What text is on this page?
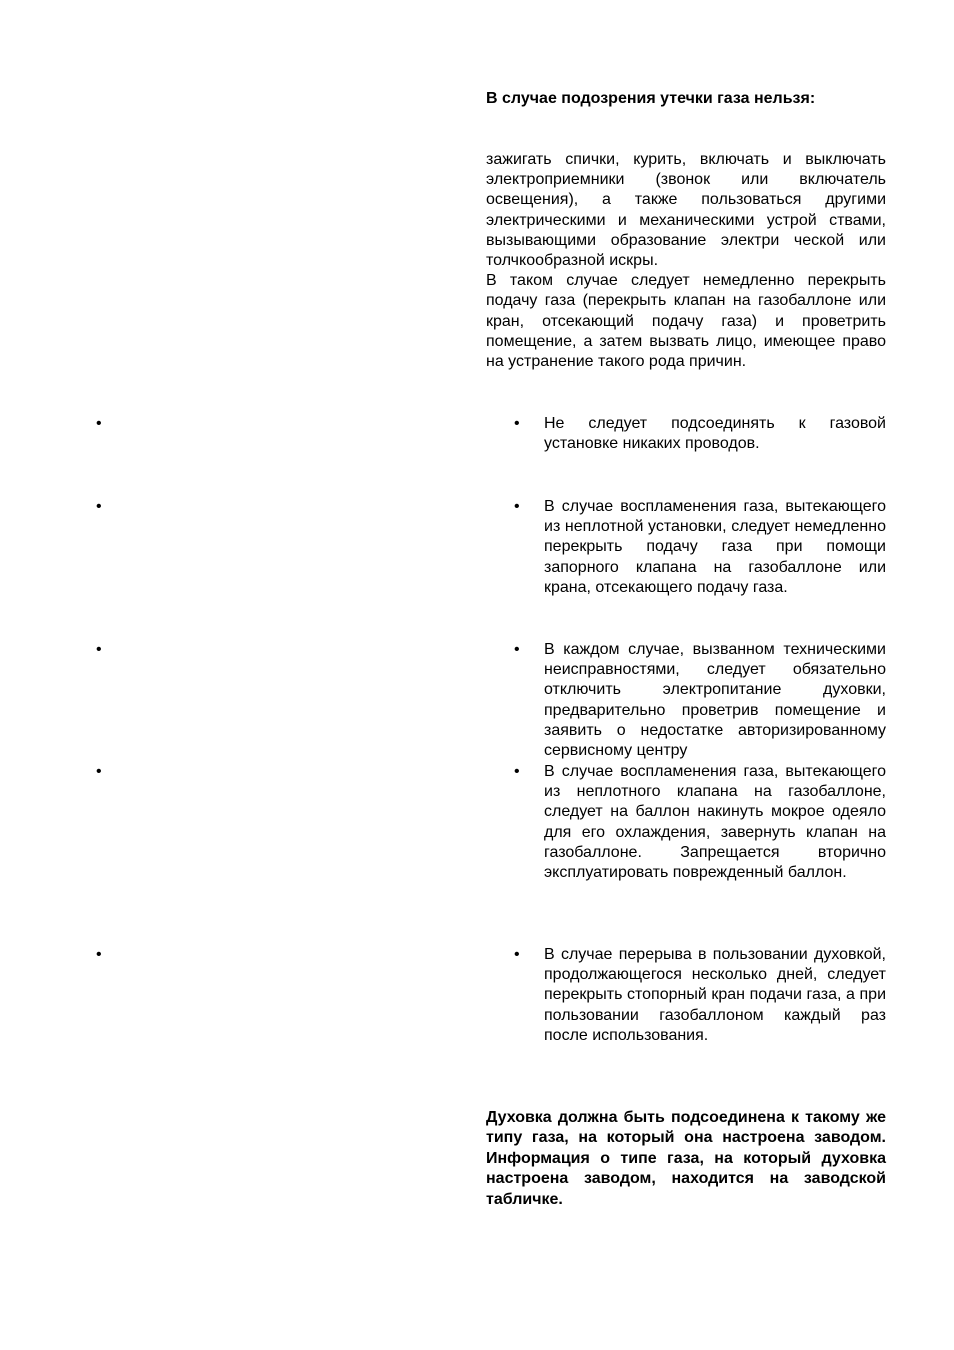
В случае подозрения утечки газа нельзя:

зажигать спички, курить, включать и выключать электроприемники (звонок или включатель освещения), а также пользоваться другими электрическими и механическими устрой ствами, вызывающими образование электри ческой или толчкообразной искры.

В таком случае следует немедленно перекрыть подачу газа (перекрыть клапан на газобаллоне или кран, отсекающий подачу газа) и проветрить помещение, а затем вызвать лицо, имеющее право на устранение такого рода причин.

•
•
•
•
•
• Не следует подсоединять к газовой установке никаких проводов.
• В случае воспламенения газа, вытекающего из неплотной установки, следует немедленно перекрыть подачу газа при помощи запорного клапана на газобаллоне или крана, отсекающего подачу газа.
• В каждом случае, вызванном техническими неисправностями, следует обязательно отключить электропитание духовки, предварительно проветрив помещение и заявить о недостатке авторизированному сервисному центру
• В случае воспламенения газа, вытекающего из неплотного клапана на газобаллоне, следует на баллон накинуть мокрое одеяло для его охлаждения, завернуть клапан на газобаллоне. Запрещается вторично эксплуатировать поврежденный баллон.
• В случае перерыва в пользовании духовкой, продолжающегося несколько дней, следует перекрыть стопорный кран подачи газа, а при пользовании газобаллоном каждый раз после использования.
Духовка должна быть подсоединена к такому же типу газа, на который она настроена заводом. Информация о типе газа, на который духовка настроена заводом, находится на заводской табличке.
